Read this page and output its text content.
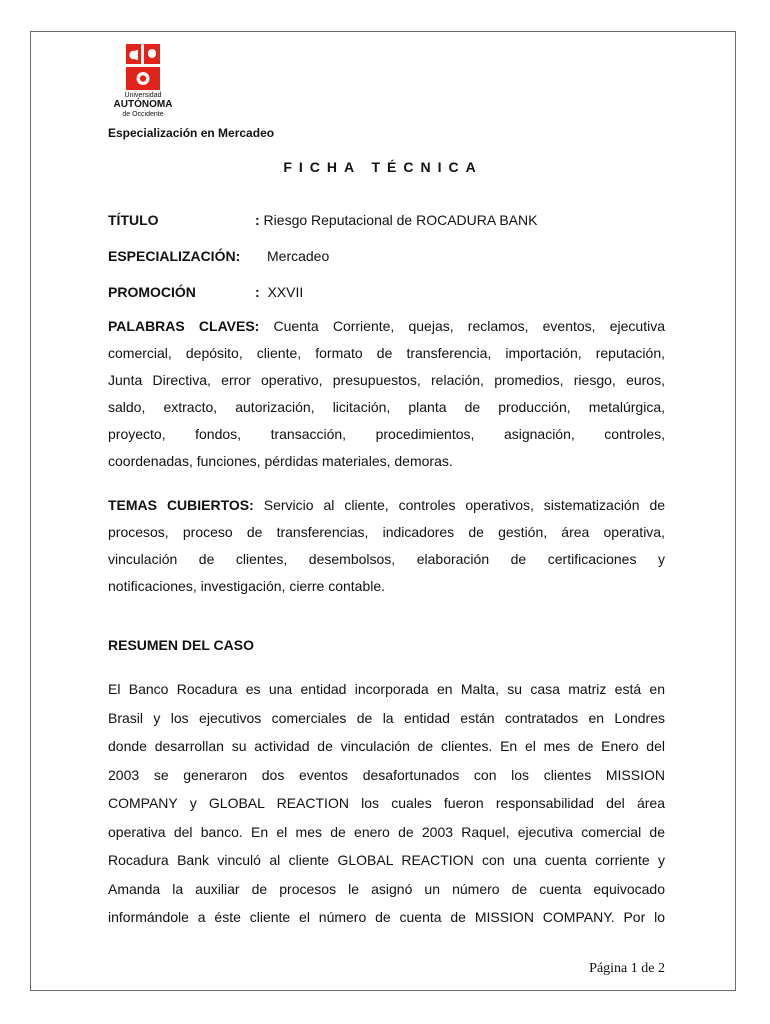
Universidad
AUTÓNOMA
de Occidente
Especialización en Mercadeo
FICHA TÉCNICA
TÍTULO	: Riesgo Reputacional de ROCADURA BANK
ESPECIALIZACIÓN: Mercadeo
PROMOCIÓN	: XXVII
PALABRAS CLAVES: Cuenta Corriente, quejas, reclamos, eventos, ejecutiva
comercial, depósito, cliente, formato de transferencia, importación, reputación,
Junta Directiva, error operativo, presupuestos, relación, promedios, riesgo, euros,
saldo, extracto, autorización, licitación, planta de producción, metalúrgica,
proyecto, fondos, transacción, procedimientos, asignación, controles,
coordenadas, funciones, pérdidas materiales, demoras.
TEMAS CUBIERTOS: Servicio al cliente, controles operativos, sistematización de
procesos, proceso de transferencias, indicadores de gestión, área operativa,
vinculación de clientes, desembolsos, elaboración de certificaciones y
notificaciones, investigación, cierre contable.
RESUMEN DEL CASO
El Banco Rocadura es una entidad incorporada en Malta, su casa matriz está en
Brasil y los ejecutivos comerciales de la entidad están contratados en Londres
donde desarrollan su actividad de vinculación de clientes. En el mes de Enero del
2003 se generaron dos eventos desafortunados con los clientes MISSION
COMPANY y GLOBAL REACTION los cuales fueron responsabilidad del área
operativa del banco. En el mes de enero de 2003 Raquel, ejecutiva comercial de
Rocadura Bank vinculó al cliente GLOBAL REACTION con una cuenta corriente y
Amanda la auxiliar de procesos le asignó un número de cuenta equivocado
informándole a éste cliente el número de cuenta de MISSION COMPANY. Por lo
Página 1 de 2
